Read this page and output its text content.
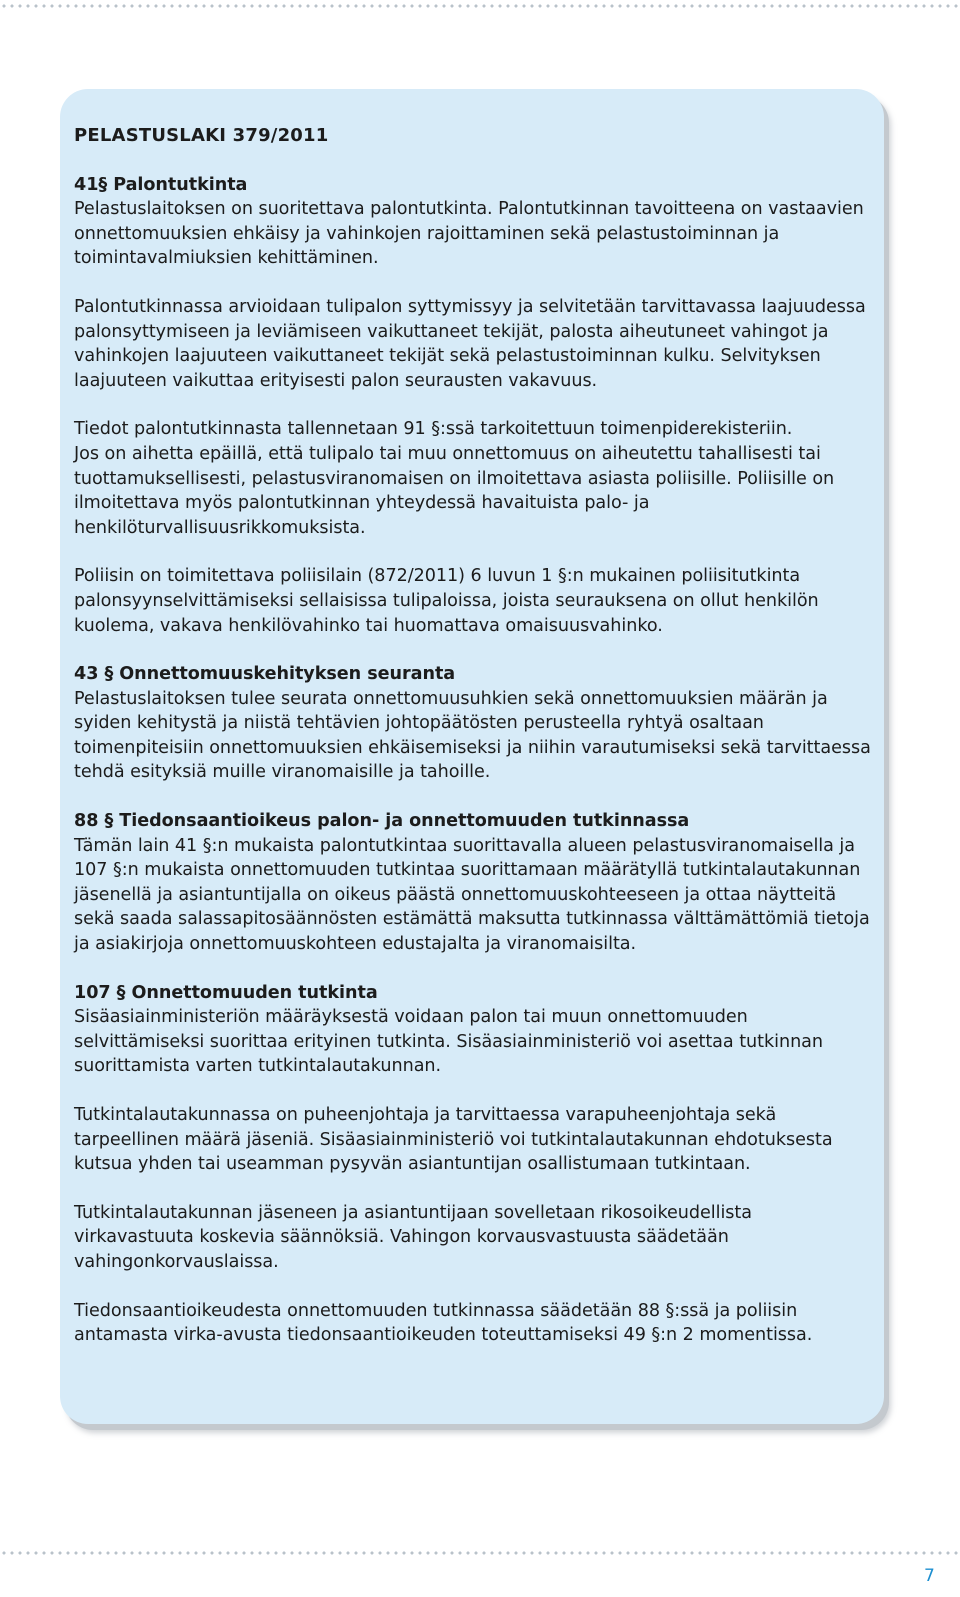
PELASTUSLAKI 379/2011
41§ Palontutkinta

Pelastuslaitoksen on suoritettava palontutkinta. Palontutkinnan tavoitteena on vastaavien onnettomuuksien ehkäisy ja vahinkojen rajoittaminen sekä pelastustoiminnan ja toimintavalmiuksien kehittäminen.

Palontutkinnassa arvioidaan tulipalon syttymissyy ja selvitetään tarvittavassa laajuudessa palonsyttymiseen ja leviämiseen vaikuttaneet tekijät, palosta aiheutuneet vahingot ja vahinkojen laajuuteen vaikuttaneet tekijät sekä pelastustoiminnan kulku. Selvityksen laajuuteen vaikuttaa erityisesti palon seurausten vakavuus.

Tiedot palontutkinnasta tallennetaan 91 §:ssä tarkoitettuun toimenpiderekisteriin.

Jos on aihetta epäillä, että tulipalo tai muu onnettomuus on aiheutettu tahallisesti tai tuottamuksellisesti, pelastusviranomaisen on ilmoitettava asiasta poliisille. Poliisille on ilmoitettava myös palontutkinnan yhteydessä havaituista palo- ja henkilöturvallisuusrikkomuksista.

Poliisin on toimitettava poliisilain (872/2011) 6 luvun 1 §:n mukainen poliisitutkinta palonsyynselvittämiseksi sellaisissa tulipaloissa, joista seurauksena on ollut henkilön kuolema, vakava henkilövahinko tai huomattava omaisuusvahinko.

43 § Onnettomuuskehityksen seuranta

Pelastuslaitoksen tulee seurata onnettomuusuhkien sekä onnettomuuksien määrän ja syiden kehitystä ja niistä tehtävien johtopäätösten perusteella ryhtyä osaltaan toimenpiteisiin onnettomuuksien ehkäisemiseksi ja niihin varautumiseksi sekä tarvittaessa tehdä esityksiä muille viranomaisille ja tahoille.

88 § Tiedonsaantioikeus palon- ja onnettomuuden tutkinnassa

Tämän lain 41 §:n mukaista palontutkintaa suorittavalla alueen pelastusviranomaisella ja 107 §:n mukaista onnettomuuden tutkintaa suorittamaan määrätyllä tutkintalautakunnan jäsenellä ja asiantuntijalla on oikeus päästä onnettomuuskohteeseen ja ottaa näytteitä sekä saada salassapitosäännösten estämättä maksutta tutkinnassa välttämättömiä tietoja ja asiakirjoja onnettomuuskohteen edustajalta ja viranomaisilta.

107 § Onnettomuuden tutkinta

Sisäasiainministeriön määräyksestä voidaan palon tai muun onnettomuuden selvittämiseksi suorittaa erityinen tutkinta. Sisäasiainministeriö voi asettaa tutkinnan suorittamista varten tutkintalautakunnan.

Tutkintalautakunnassa on puheenjohtaja ja tarvittaessa varapuheenjohtaja sekä tarpeellinen määrä jäseniä. Sisäasiainministeriö voi tutkintalautakunnan ehdotuksesta kutsua yhden tai useamman pysyvän asiantuntijan osallistumaan tutkintaan.

Tutkintalautakunnan jäseneen ja asiantuntijaan sovelletaan rikosoikeudellista virkavastuuta koskevia säännöksiä. Vahingon korvausvastuusta säädetään vahingonkorvauslaissa.

Tiedonsaantioikeudesta onnettomuuden tutkinnassa säädetään 88 §:ssä ja poliisin antamasta virka-avusta tiedonsaantioikeuden toteuttamiseksi 49 §:n 2 momentissa.

7
